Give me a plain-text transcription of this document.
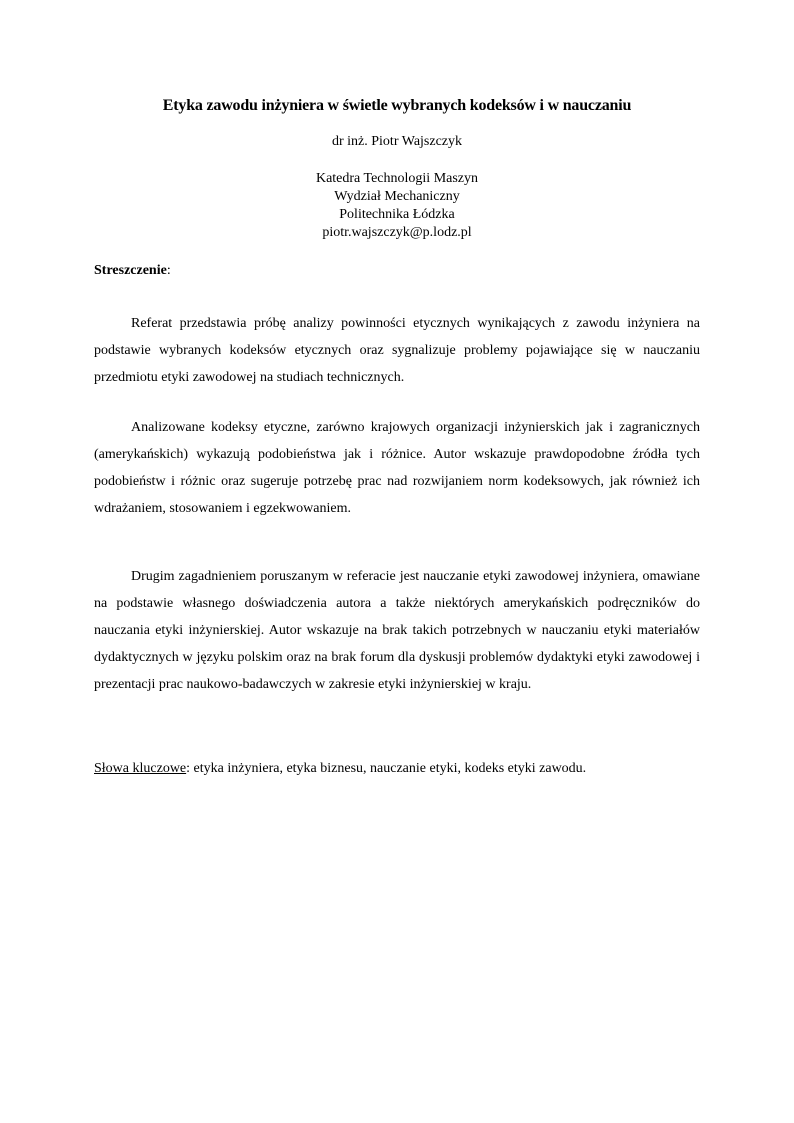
Etyka zawodu inżyniera w świetle wybranych kodeksów i w nauczaniu
dr inż. Piotr Wajszczyk
Katedra Technologii Maszyn
Wydział Mechaniczny
Politechnika Łódzka
piotr.wajszczyk@p.lodz.pl
Streszczenie:

Referat przedstawia próbę analizy powinności etycznych wynikających z zawodu inżyniera na podstawie wybranych kodeksów etycznych oraz sygnalizuje problemy pojawiające się w nauczaniu przedmiotu etyki zawodowej na studiach technicznych.

Analizowane kodeksy etyczne, zarówno krajowych organizacji inżynierskich jak i zagranicznych (amerykańskich) wykazują podobieństwa jak i różnice. Autor wskazuje prawdopodobne źródła tych podobieństw i różnic oraz sugeruje potrzebę prac nad rozwijaniem norm kodeksowych, jak również ich wdrażaniem, stosowaniem i egzekwowaniem.

Drugim zagadnieniem poruszanym w referacie jest nauczanie etyki zawodowej inżyniera, omawiane na podstawie własnego doświadczenia autora a także niektórych amerykańskich podręczników do nauczania etyki inżynierskiej. Autor wskazuje na brak takich potrzebnych w nauczaniu etyki materiałów dydaktycznych w języku polskim oraz na brak forum dla dyskusji problemów dydaktyki etyki zawodowej i prezentacji prac naukowo-badawczych w zakresie etyki inżynierskiej w kraju.

Słowa kluczowe: etyka inżyniera, etyka biznesu, nauczanie etyki, kodeks etyki zawodu.
